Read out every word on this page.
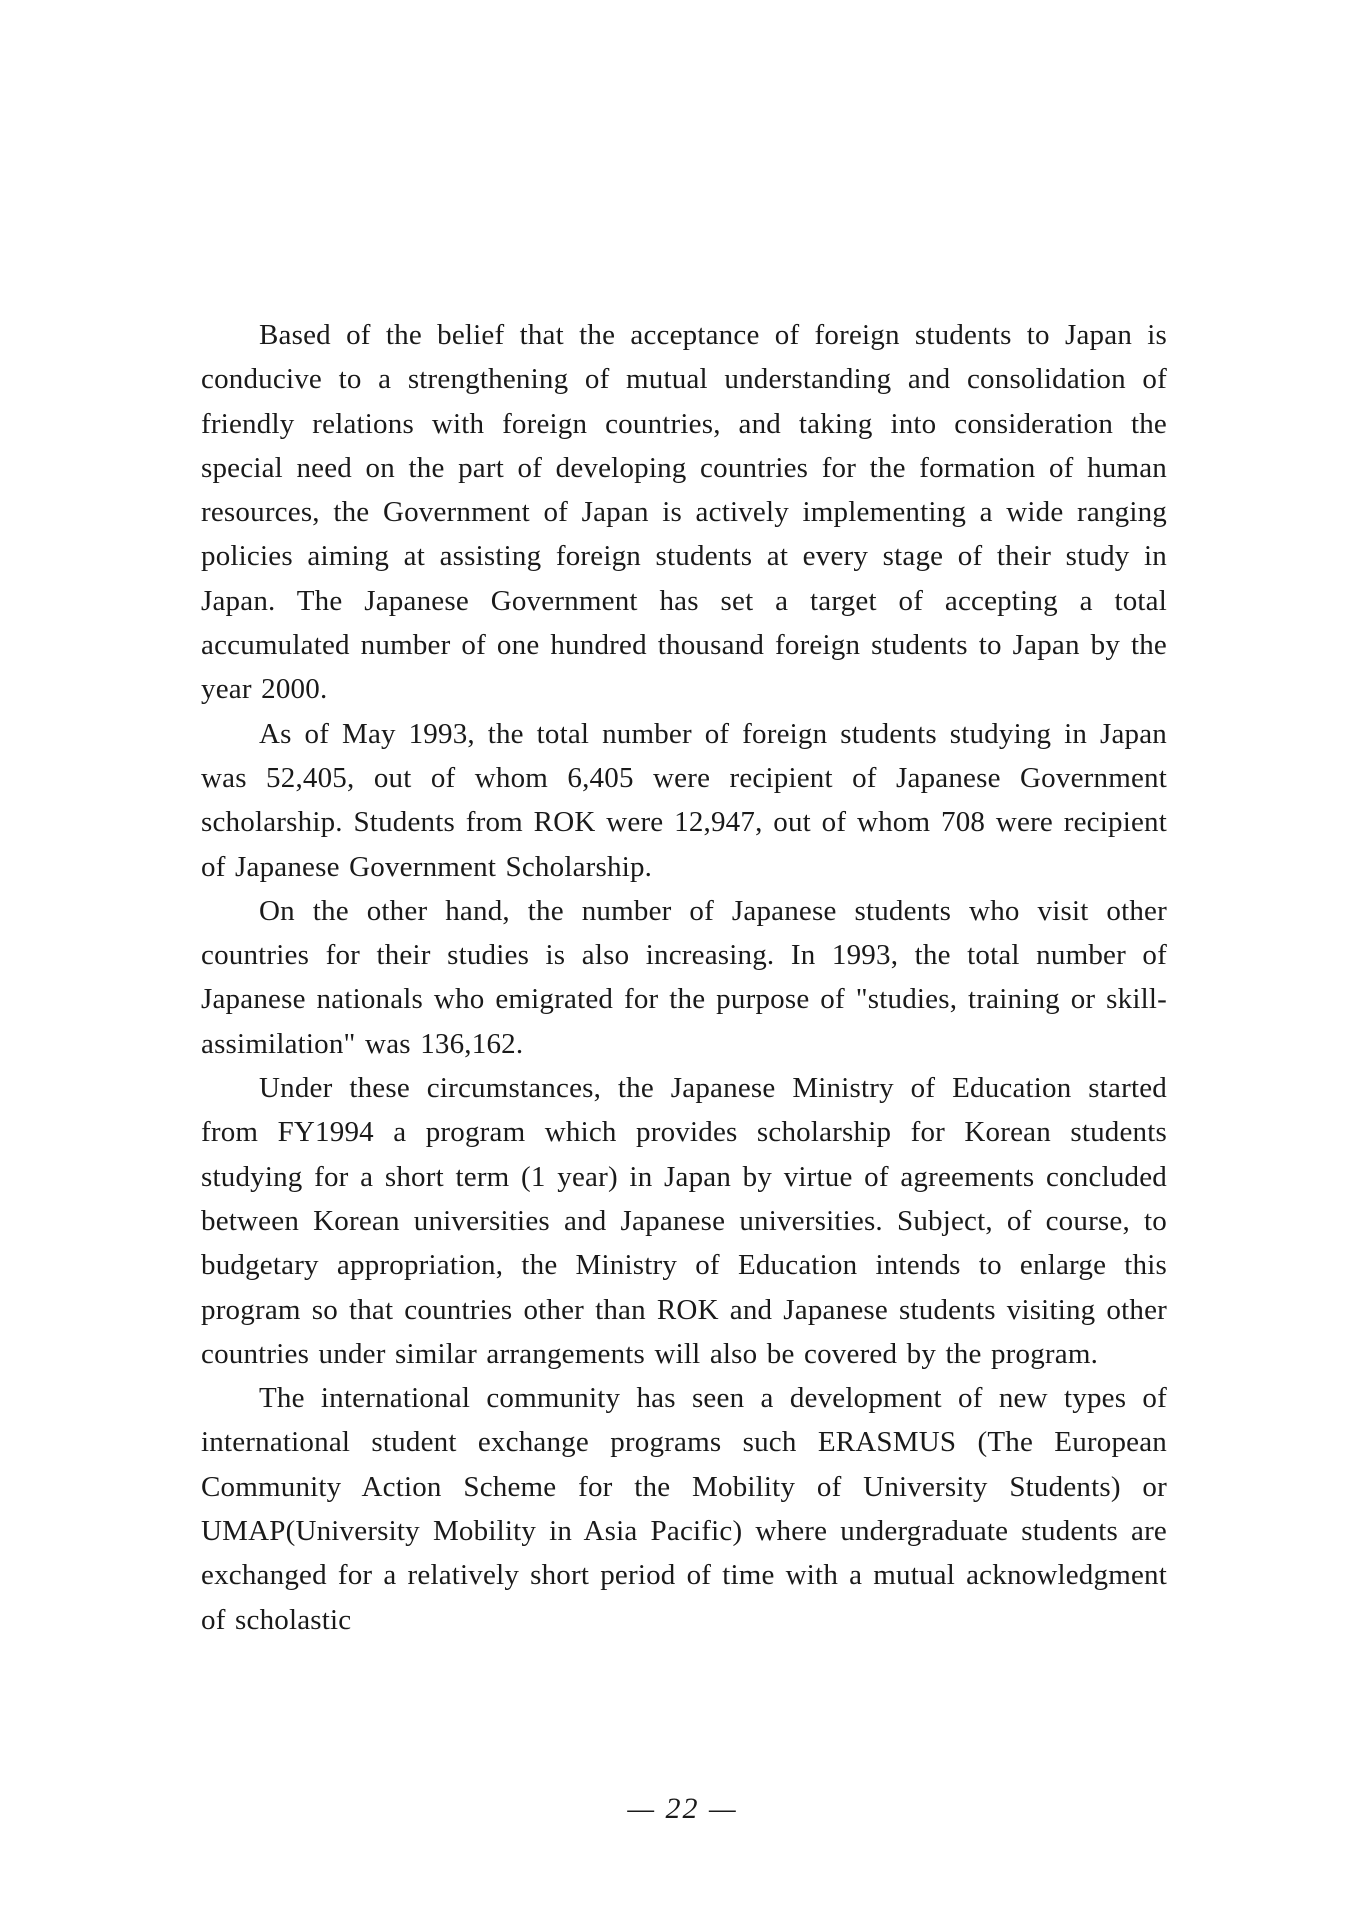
Based of the belief that the acceptance of foreign students to Japan is conducive to a strengthening of mutual understanding and consolidation of friendly relations with foreign countries, and taking into consideration the special need on the part of developing countries for the formation of human resources, the Government of Japan is actively implementing a wide ranging policies aiming at assisting foreign students at every stage of their study in Japan. The Japanese Government has set a target of accepting a total accumulated number of one hundred thousand foreign students to Japan by the year 2000.

As of May 1993, the total number of foreign students studying in Japan was 52,405, out of whom 6,405 were recipient of Japanese Government scholarship. Students from ROK were 12,947, out of whom 708 were recipient of Japanese Government Scholarship.

On the other hand, the number of Japanese students who visit other countries for their studies is also increasing. In 1993, the total number of Japanese nationals who emigrated for the purpose of "studies, training or skill-assimilation" was 136,162.

Under these circumstances, the Japanese Ministry of Education started from FY1994 a program which provides scholarship for Korean students studying for a short term (1 year) in Japan by virtue of agreements concluded between Korean universities and Japanese universities. Subject, of course, to budgetary appropriation, the Ministry of Education intends to enlarge this program so that countries other than ROK and Japanese students visiting other countries under similar arrangements will also be covered by the program.

The international community has seen a development of new types of international student exchange programs such ERASMUS (The European Community Action Scheme for the Mobility of University Students) or UMAP(University Mobility in Asia Pacific) where undergraduate students are exchanged for a relatively short period of time with a mutual acknowledgment of scholastic

— 22 —
